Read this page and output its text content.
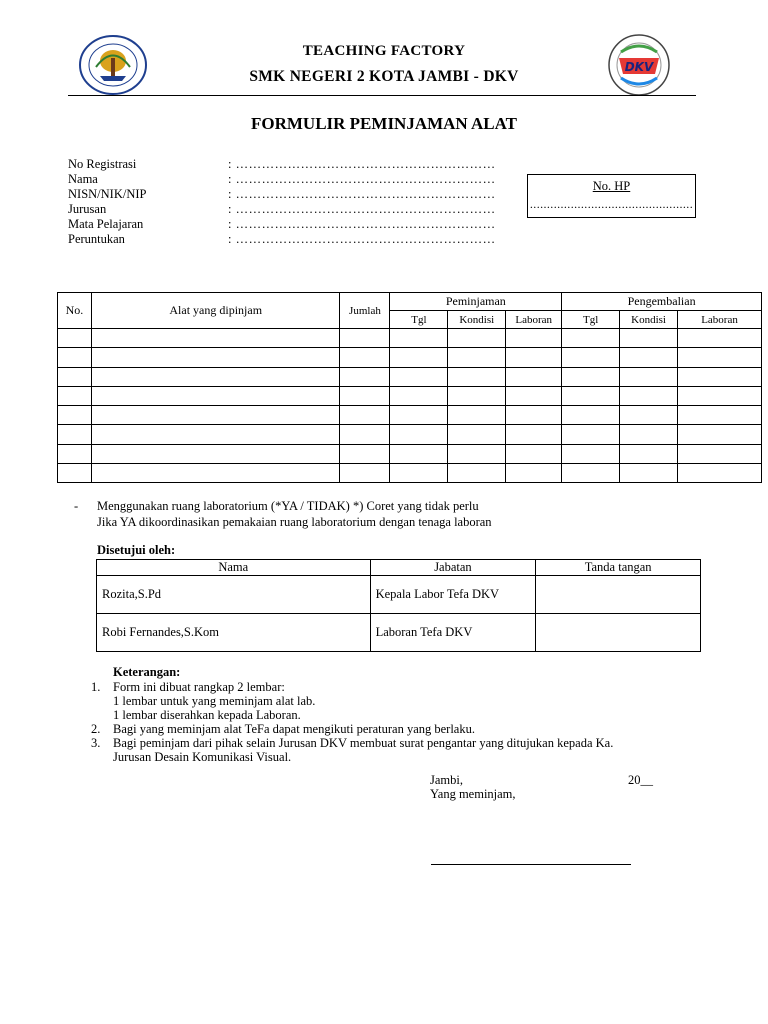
DKV
TEACHING FACTORY
SMK NEGERI 2 KOTA JAMBI - DKV
FORMULIR PEMINJAMAN ALAT
No Registrasi	: ……………………………………………………
Nama	: ……………………………………………………
NISN/NIK/NIP	: ……………………………………………………
Jurusan	: ……………………………………………………
Mata Pelajaran	: ……………………………………………………
Peruntukan	: ……………………………………………………
No. HP
................................................
No.	Alat yang dipinjam	Jumlah	Peminjaman			Pengembalian		
			Tgl	Kondisi	Laboran	Tgl	Kondisi	Laboran

- Menggunakan ruang laboratorium (*YA / TIDAK) *) Coret yang tidak perlu
Jika YA dikoordinasikan pemakaian ruang laboratorium dengan tenaga laboran
Disetujui oleh:
Nama	Jabatan	Tanda tangan
Rozita,S.Pd	Kepala Labor Tefa DKV	
Robi Fernandes,S.Kom	Laboran Tefa DKV	
Keterangan:
1. Form ini dibuat rangkap 2 lembar:
1 lembar untuk yang meminjam alat lab.
1 lembar diserahkan kepada Laboran.
2. Bagi yang meminjam alat TeFa dapat mengikuti peraturan yang berlaku.
3. Bagi peminjam dari pihak selain Jurusan DKV membuat surat pengantar yang ditujukan kepada Ka.
Jurusan Desain Komunikasi Visual.
Jambi,	20__
Yang meminjam,
